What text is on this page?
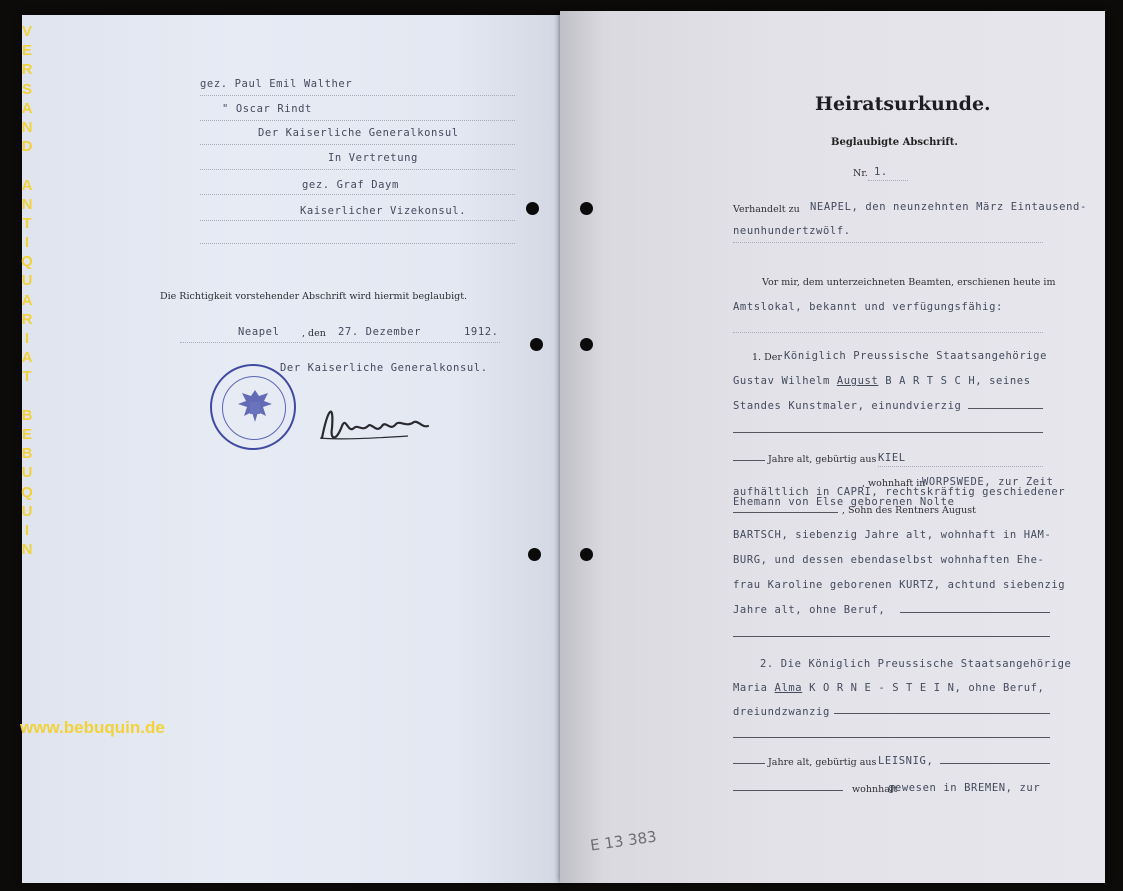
V
E
R
S
A
N
D
A
N
T
I
Q
U
A
R
I
A
T
B
E
B
U
Q
U
I
N
www.bebuquin.de
gez. Paul Emil Walther
" Oscar Rindt
Der Kaiserliche Generalkonsul
In Vertretung
gez. Graf Daym
Kaiserlicher Vizekonsul.
Die Richtigkeit vorstehender Abschrift wird hiermit beglaubigt.
Neapel , den 27. Dezember	1912.
Der Kaiserliche Generalkonsul.
Heiratsurkunde.
Beglaubigte Abschrift.
Nr. 1.
Verhandelt zu NEAPEL, den neunzehnten März Eintausend-
neunhundertzwölf.
Vor mir, dem unterzeichneten Beamten, erschienen heute im
Amtslokal, bekannt und verfügungsfähig:
1. Der Königlich Preussische Staatsangehörige
Gustav Wilhelm August B A R T S C H, seines
Standes Kunstmaler, einundvierzig
Jahre alt, gebürtig aus KIEL
, wohnhaft in
WORPSWEDE, zur Zeit
aufhältlich in CAPRI, rechtskräftig geschiedener
Ehemann von Else geborenen Nolte
, Sohn des Rentners August
BARTSCH, siebenzig Jahre alt, wohnhaft in HAM-
BURG, und dessen ebendaselbst wohnhaften Ehe-
frau Karoline geborenen KURTZ, achtund siebenzig
Jahre alt, ohne Beruf,
2. Die Königlich Preussische Staatsangehörige
Maria Alma K O R N E - S T E I N, ohne Beruf,
dreiundzwanzig
Jahre alt, gebürtig aus LEISNIG,
wohnhaft
gewesen in BREMEN, zur
E 13 383
